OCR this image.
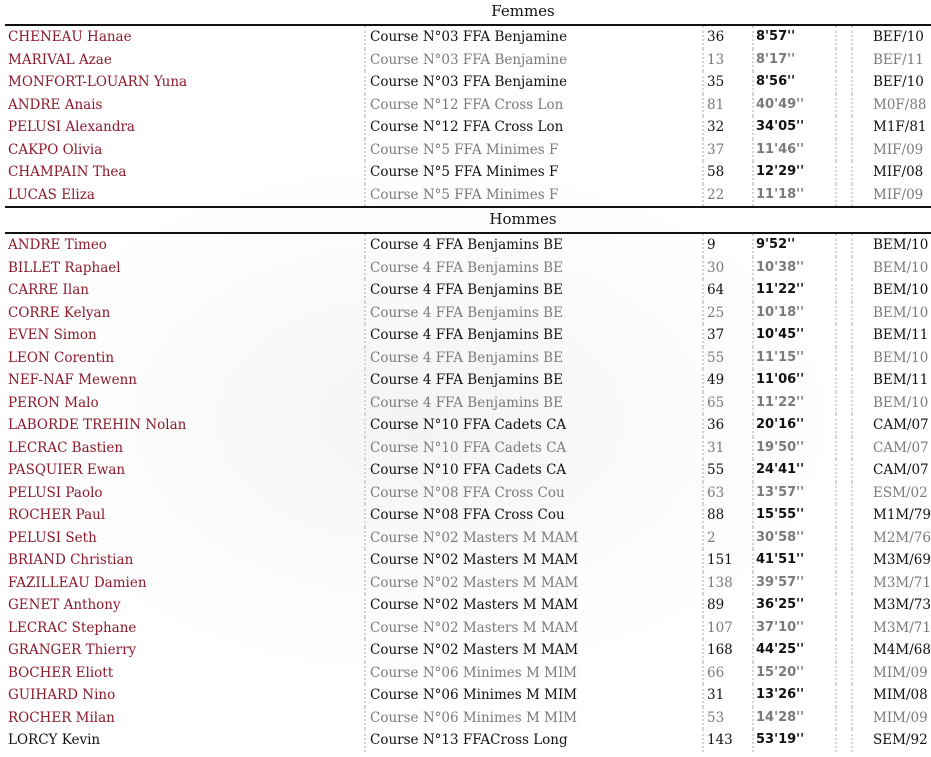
Femmes
CHENEAU Hanae	Course N°03 FFA Benjamine	36	8'57''	BEF/10
MARIVAL Azae	Course N°03 FFA Benjamine	13	8'17''	BEF/11
MONFORT-LOUARN Yuna	Course N°03 FFA Benjamine	35	8'56''	BEF/10
ANDRE Anais	Course N°12 FFA Cross Lon	81	40'49''	M0F/88
PELUSI Alexandra	Course N°12 FFA Cross Lon	32	34'05''	M1F/81
CAKPO Olivia	Course N°5 FFA Minimes F	37	11'46''	MIF/09
CHAMPAIN Thea	Course N°5 FFA Minimes F	58	12'29''	MIF/08
LUCAS Eliza	Course N°5 FFA Minimes F	22	11'18''	MIF/09
Hommes
ANDRE Timeo	Course 4 FFA Benjamins BE	9	9'52''	BEM/10
BILLET Raphael	Course 4 FFA Benjamins BE	30	10'38''	BEM/10
CARRE Ilan	Course 4 FFA Benjamins BE	64	11'22''	BEM/10
CORRE Kelyan	Course 4 FFA Benjamins BE	25	10'18''	BEM/10
EVEN Simon	Course 4 FFA Benjamins BE	37	10'45''	BEM/11
LEON Corentin	Course 4 FFA Benjamins BE	55	11'15''	BEM/10
NEF-NAF Mewenn	Course 4 FFA Benjamins BE	49	11'06''	BEM/11
PERON Malo	Course 4 FFA Benjamins BE	65	11'22''	BEM/10
LABORDE TREHIN Nolan	Course N°10 FFA Cadets CA	36	20'16''	CAM/07
LECRAC Bastien	Course N°10 FFA Cadets CA	31	19'50''	CAM/07
PASQUIER Ewan	Course N°10 FFA Cadets CA	55	24'41''	CAM/07
PELUSI Paolo	Course N°08 FFA Cross Cou	63	13'57''	ESM/02
ROCHER Paul	Course N°08 FFA Cross Cou	88	15'55''	M1M/79
PELUSI Seth	Course N°02 Masters M MAM	2	30'58''	M2M/76
BRIAND Christian	Course N°02 Masters M MAM	151	41'51''	M3M/69
FAZILLEAU Damien	Course N°02 Masters M MAM	138	39'57''	M3M/71
GENET Anthony	Course N°02 Masters M MAM	89	36'25''	M3M/73
LECRAC Stephane	Course N°02 Masters M MAM	107	37'10''	M3M/71
GRANGER Thierry	Course N°02 Masters M MAM	168	44'25''	M4M/68
BOCHER Eliott	Course N°06 Minimes M MIM	66	15'20''	MIM/09
GUIHARD Nino	Course N°06 Minimes M MIM	31	13'26''	MIM/08
ROCHER Milan	Course N°06 Minimes M MIM	53	14'28''	MIM/09
LORCY Kevin	Course N°13 FFACross Long	143	53'19''	SEM/92
